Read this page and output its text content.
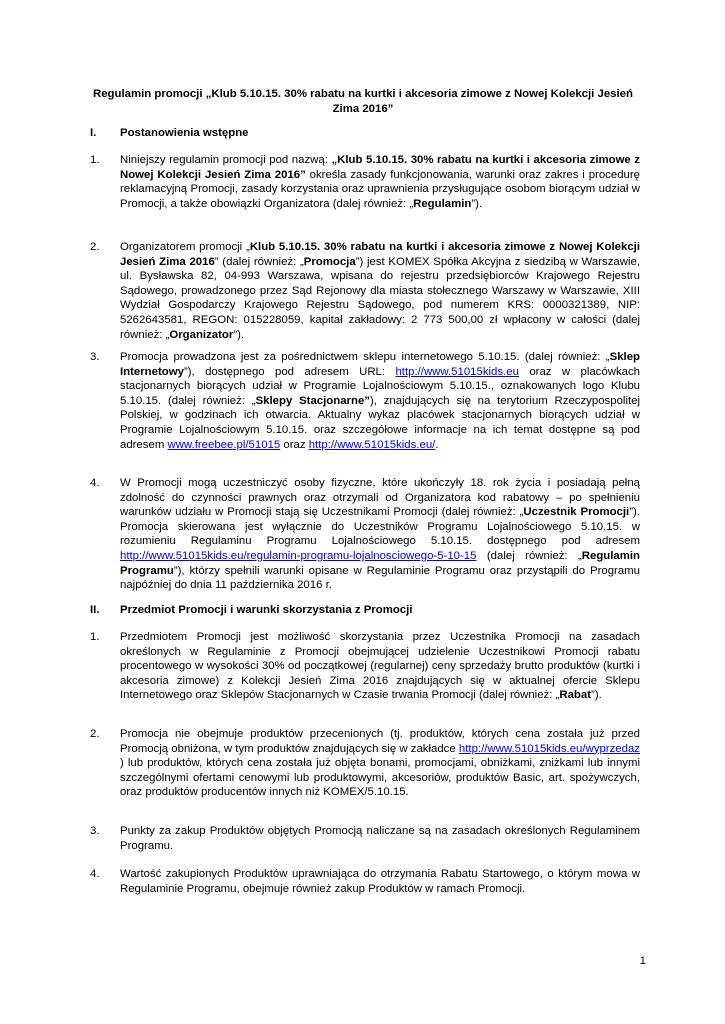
Regulamin promocji „Klub 5.10.15. 30% rabatu na kurtki i akcesoria zimowe z Nowej Kolekcji Jesień Zima 2016”
I. Postanowienia wstępne
1. Niniejszy regulamin promocji pod nazwą: „Klub 5.10.15. 30% rabatu na kurtki i akcesoria zimowe z Nowej Kolekcji Jesień Zima 2016” określa zasady funkcjonowania, warunki oraz zakres i procedurę reklamacyjną Promocji, zasady korzystania oraz uprawnienia przysługujące osobom biorącym udział w Promocji, a także obowiązki Organizatora (dalej również: „Regulamin”).
2. Organizatorem promocji „Klub 5.10.15. 30% rabatu na kurtki i akcesoria zimowe z Nowej Kolekcji Jesień Zima 2016” (dalej również: „Promocja”) jest KOMEX Spółka Akcyjna z siedzibą w Warszawie, ul. Bysławska 82, 04-993 Warszawa, wpisana do rejestru przedsiębiorców Krajowego Rejestru Sądowego, prowadzonego przez Sąd Rejonowy dla miasta stołecznego Warszawy w Warszawie, XIII Wydział Gospodarczy Krajowego Rejestru Sądowego, pod numerem KRS: 0000321389, NIP: 5262643581, REGON: 015228059, kapitał zakładowy: 2 773 500,00 zł wpłacony w całości (dalej również: „Organizator”).
3. Promocja prowadzona jest za pośrednictwem sklepu internetowego 5.10.15. (dalej również: „Sklep Internetowy”), dostępnego pod adresem URL: http://www.51015kids.eu oraz w placówkach stacjonarnych biorących udział w Programie Lojalnościowym 5.10.15., oznakowanych logo Klubu 5.10.15. (dalej również: „Sklepy Stacjonarne”), znajdujących się na terytorium Rzeczypospolitej Polskiej, w godzinach ich otwarcia. Aktualny wykaz placówek stacjonarnych biorących udział w Programie Lojalnościowym 5.10.15. oraz szczegółowe informacje na ich temat dostępne są pod adresem www.freebee.pl/51015 oraz http://www.51015kids.eu/.
4. W Promocji mogą uczestniczyć osoby fizyczne, które ukończyły 18. rok życia i posiadają pełną zdolność do czynności prawnych oraz otrzymali od Organizatora kod rabatowy – po spełnieniu warunków udziału w Promocji stają się Uczestnikami Promocji (dalej również: „Uczestnik Promocji”). Promocja skierowana jest wyłącznie do Uczestników Programu Lojalnościowego 5.10.15. w rozumieniu Regulaminu Programu Lojalnościowego 5.10.15. dostępnego pod adresem http://www.51015kids.eu/regulamin-programu-lojalnosciowego-5-10-15 (dalej również: „Regulamin Programu”), którzy spełnili warunki opisane w Regulaminie Programu oraz przystąpili do Programu najpóźniej do dnia 11 października 2016 r.
II. Przedmiot Promocji i warunki skorzystania z Promocji
1. Przedmiotem Promocji jest możliwość skorzystania przez Uczestnika Promocji na zasadach określonych w Regulaminie z Promocji obejmującej udzielenie Uczestnikowi Promocji rabatu procentowego w wysokości 30% od początkowej (regularnej) ceny sprzedaży brutto produktów (kurtki i akcesoria zimowe) z Kolekcji Jesień Zima 2016 znajdujących się w aktualnej ofercie Sklepu Internetowego oraz Sklepów Stacjonarnych w Czasie trwania Promocji (dalej również: „Rabat”).
2. Promocja nie obejmuje produktów przecenionych (tj. produktów, których cena została już przed Promocją obniżona, w tym produktów znajdujących się w zakładce http://www.51015kids.eu/wyprzedaz ) lub produktów, których cena została już objęta bonami, promocjami, obniżkami, zniżkami lub innymi szczególnymi ofertami cenowymi lub produktowymi, akcesoriów, produktów Basic, art. spożywczych, oraz produktów producentów innych niż KOMEX/5.10.15.
3. Punkty za zakup Produktów objętych Promocją naliczane są na zasadach określonych Regulaminem Programu.
4. Wartość zakupionych Produktów uprawniająca do otrzymania Rabatu Startowego, o którym mowa w Regulaminie Programu, obejmuje również zakup Produktów w ramach Promocji.
1
